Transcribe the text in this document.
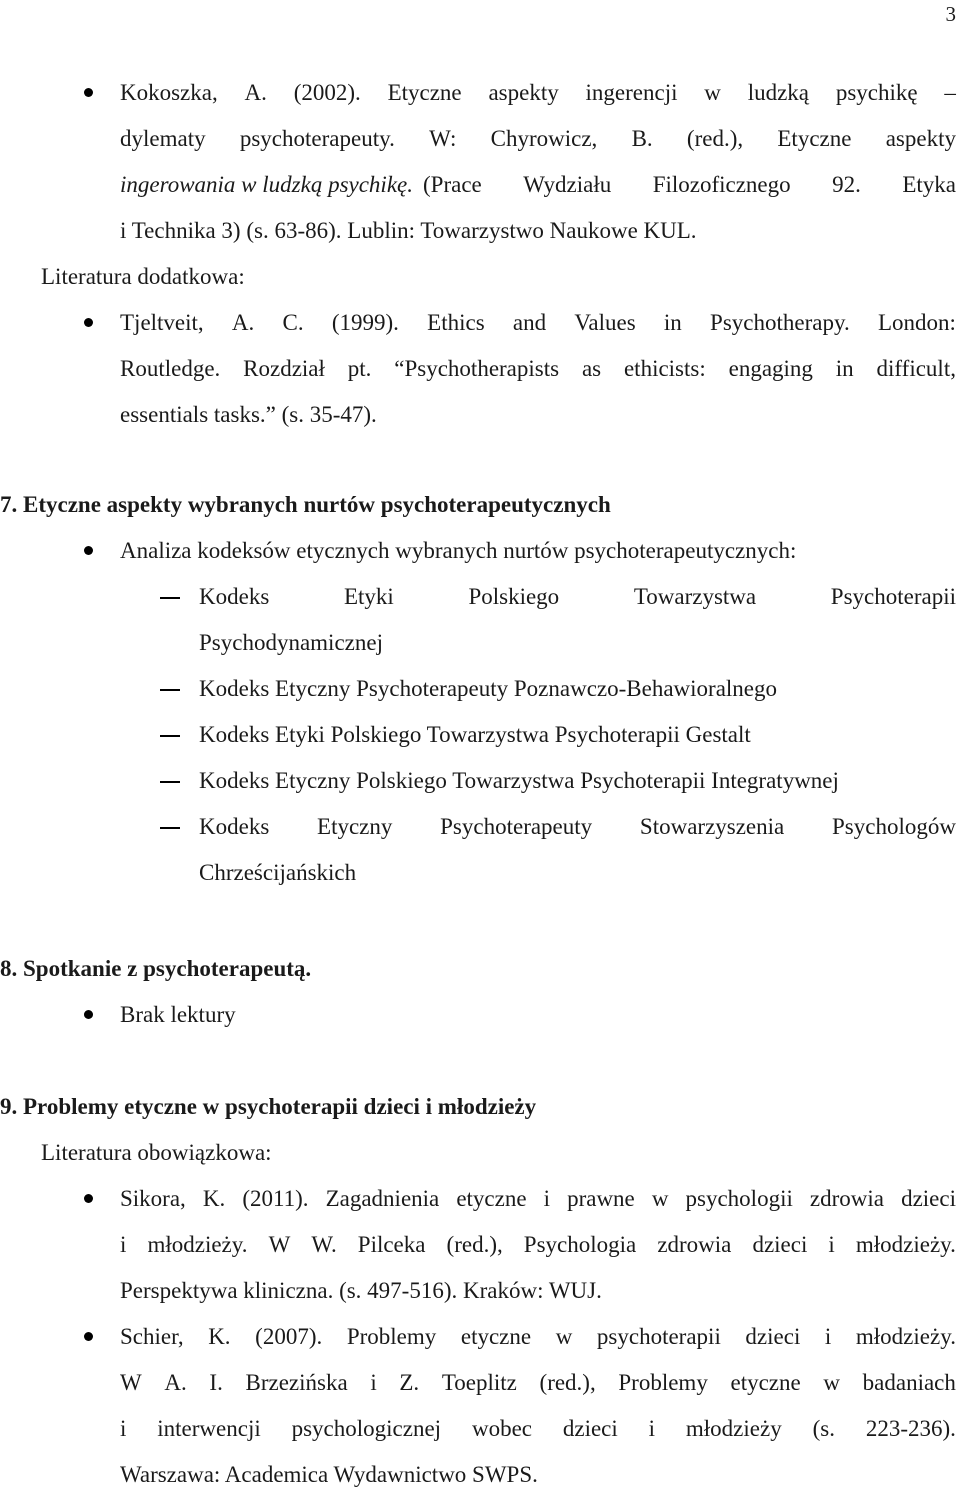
3
Kokoszka, A. (2002). Etyczne aspekty ingerencji w ludzką psychikę –
dylematy psychoterapeuty. W: Chyrowicz, B. (red.), Etyczne aspekty
ingerowania w ludzką psychikę. (Prace Wydziału Filozoficznego 92. Etyka
i Technika 3) (s. 63-86). Lublin: Towarzystwo Naukowe KUL.
Literatura dodatkowa:
Tjeltveit, A. C. (1999). Ethics and Values in Psychotherapy. London:
Routledge. Rozdział pt. “Psychotherapists as ethicists: engaging in difficult,
essentials tasks.” (s. 35-47).
7. Etyczne aspekty wybranych nurtów psychoterapeutycznych
Analiza kodeksów etycznych wybranych nurtów psychoterapeutycznych:
Kodeks	Etyki	Polskiego	Towarzystwa	Psychoterapii
Psychodynamicznej
Kodeks Etyczny Psychoterapeuty Poznawczo-Behawioralnego
Kodeks Etyki Polskiego Towarzystwa Psychoterapii Gestalt
Kodeks Etyczny Polskiego Towarzystwa Psychoterapii Integratywnej
Kodeks Etyczny Psychoterapeuty Stowarzyszenia Psychologów
Chrześcijańskich
8. Spotkanie z psychoterapeutą.
Brak lektury
9. Problemy etyczne w psychoterapii dzieci i młodzieży
Literatura obowiązkowa:
Sikora, K. (2011). Zagadnienia etyczne i prawne w psychologii zdrowia dzieci
i młodzieży. W W. Pilceka (red.), Psychologia zdrowia dzieci i młodzieży.
Perspektywa kliniczna. (s. 497-516). Kraków: WUJ.
Schier, K. (2007). Problemy etyczne w psychoterapii dzieci i młodzieży.
W A. I. Brzezińska i Z. Toeplitz (red.), Problemy etyczne w badaniach
i interwencji psychologicznej wobec dzieci i młodzieży (s. 223-236).
Warszawa: Academica Wydawnictwo SWPS.
